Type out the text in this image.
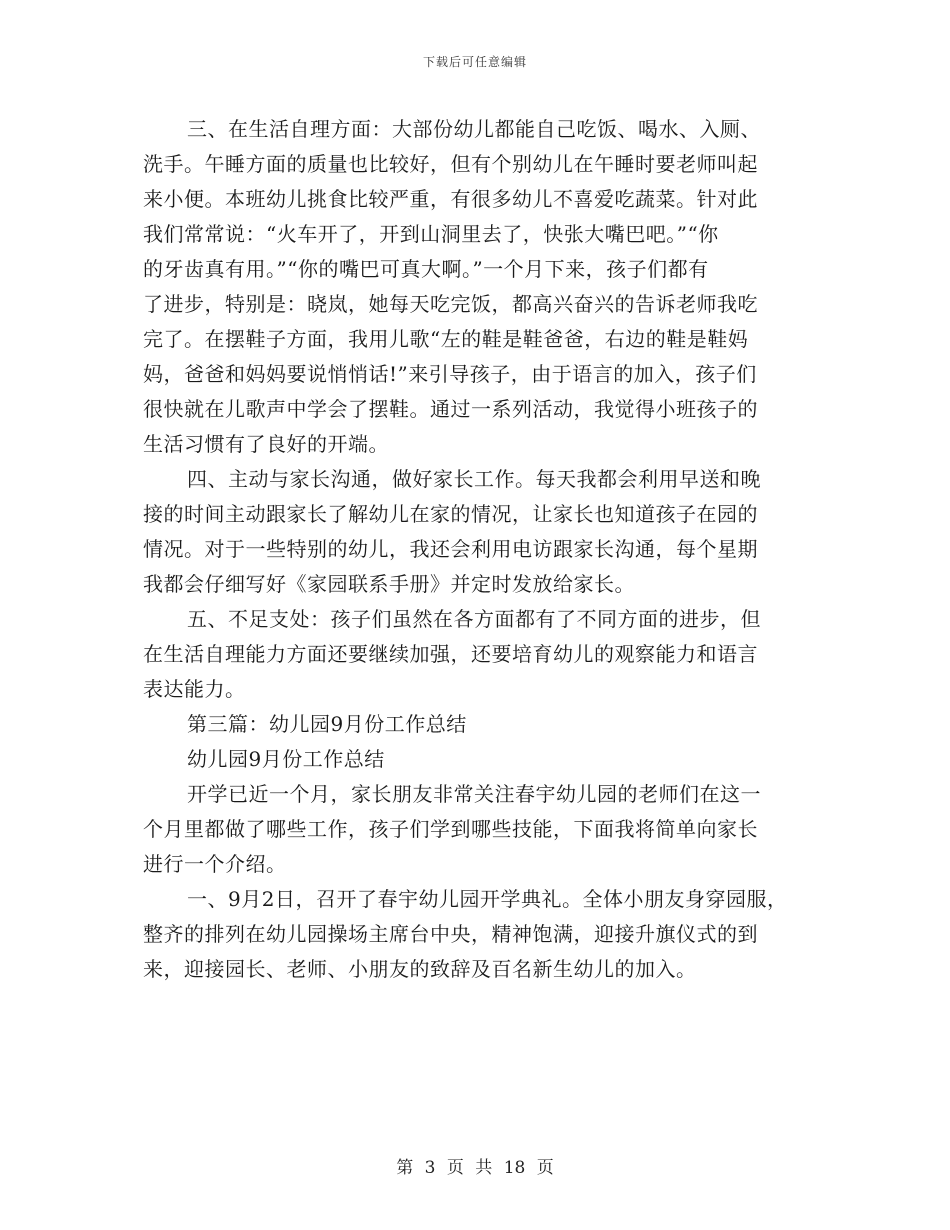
下载后可任意编辑
三、在生活自理方面：大部份幼儿都能自己吃饭、喝水、入厕、
洗手。午睡方面的质量也比较好，但有个别幼儿在午睡时要老师叫起
来小便。本班幼儿挑食比较严重，有很多幼儿不喜爱吃蔬菜。针对此
我们常常说：“火车开了，开到山洞里去了，快张大嘴巴吧。”“你
的牙齿真有用。”“你的嘴巴可真大啊。”一个月下来，孩子们都有
了进步，特别是：晓岚，她每天吃完饭，都高兴奋兴的告诉老师我吃
完了。在摆鞋子方面，我用儿歌“左的鞋是鞋爸爸，右边的鞋是鞋妈
妈，爸爸和妈妈要说悄悄话!”来引导孩子，由于语言的加入，孩子们
很快就在儿歌声中学会了摆鞋。通过一系列活动，我觉得小班孩子的
生活习惯有了良好的开端。
四、主动与家长沟通，做好家长工作。每天我都会利用早送和晚
接的时间主动跟家长了解幼儿在家的情况，让家长也知道孩子在园的
情况。对于一些特别的幼儿，我还会利用电访跟家长沟通，每个星期
我都会仔细写好《家园联系手册》并定时发放给家长。
五、不足支处：孩子们虽然在各方面都有了不同方面的进步，但
在生活自理能力方面还要继续加强，还要培育幼儿的观察能力和语言
表达能力。
第三篇：幼儿园9月份工作总结
幼儿园9月份工作总结
开学已近一个月，家长朋友非常关注春宇幼儿园的老师们在这一
个月里都做了哪些工作，孩子们学到哪些技能，下面我将简单向家长
进行一个介绍。
一、9月2日，召开了春宇幼儿园开学典礼。全体小朋友身穿园服，
整齐的排列在幼儿园操场主席台中央，精神饱满，迎接升旗仪式的到
来，迎接园长、老师、小朋友的致辞及百名新生幼儿的加入。
第 3 页 共 18 页
